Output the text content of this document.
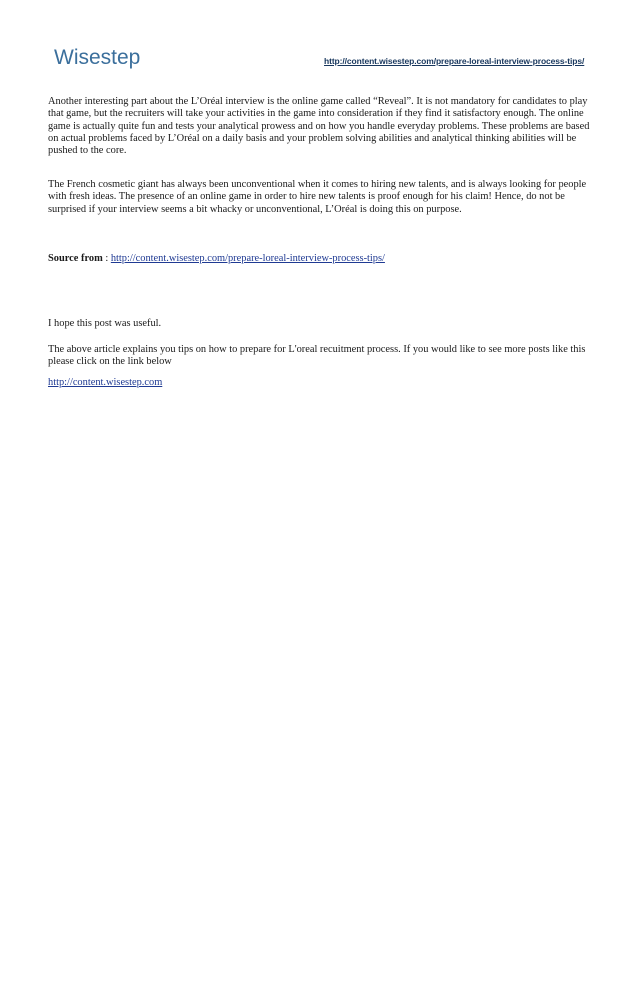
Wisestep	http://content.wisestep.com/prepare-loreal-interview-process-tips/

Another interesting part about the L’Oréal interview is the online game called “Reveal”. It is not mandatory for candidates to play that game, but the recruiters will take your activities in the game into consideration if they find it satisfactory enough. The online game is actually quite fun and tests your analytical prowess and on how you handle everyday problems. These problems are based on actual problems faced by L’Oréal on a daily basis and your problem solving abilities and analytical thinking abilities will be pushed to the core.

The French cosmetic giant has always been unconventional when it comes to hiring new talents, and is always looking for people with fresh ideas. The presence of an online game in order to hire new talents is proof enough for his claim! Hence, do not be surprised if your interview seems a bit whacky or unconventional, L’Oréal is doing this on purpose.

Source from : http://content.wisestep.com/prepare-loreal-interview-process-tips/

I hope this post was useful.

The above article explains you tips on how to prepare for L'oreal recuitment process. If you would like to see more posts like this please click on the link below

http://content.wisestep.com
